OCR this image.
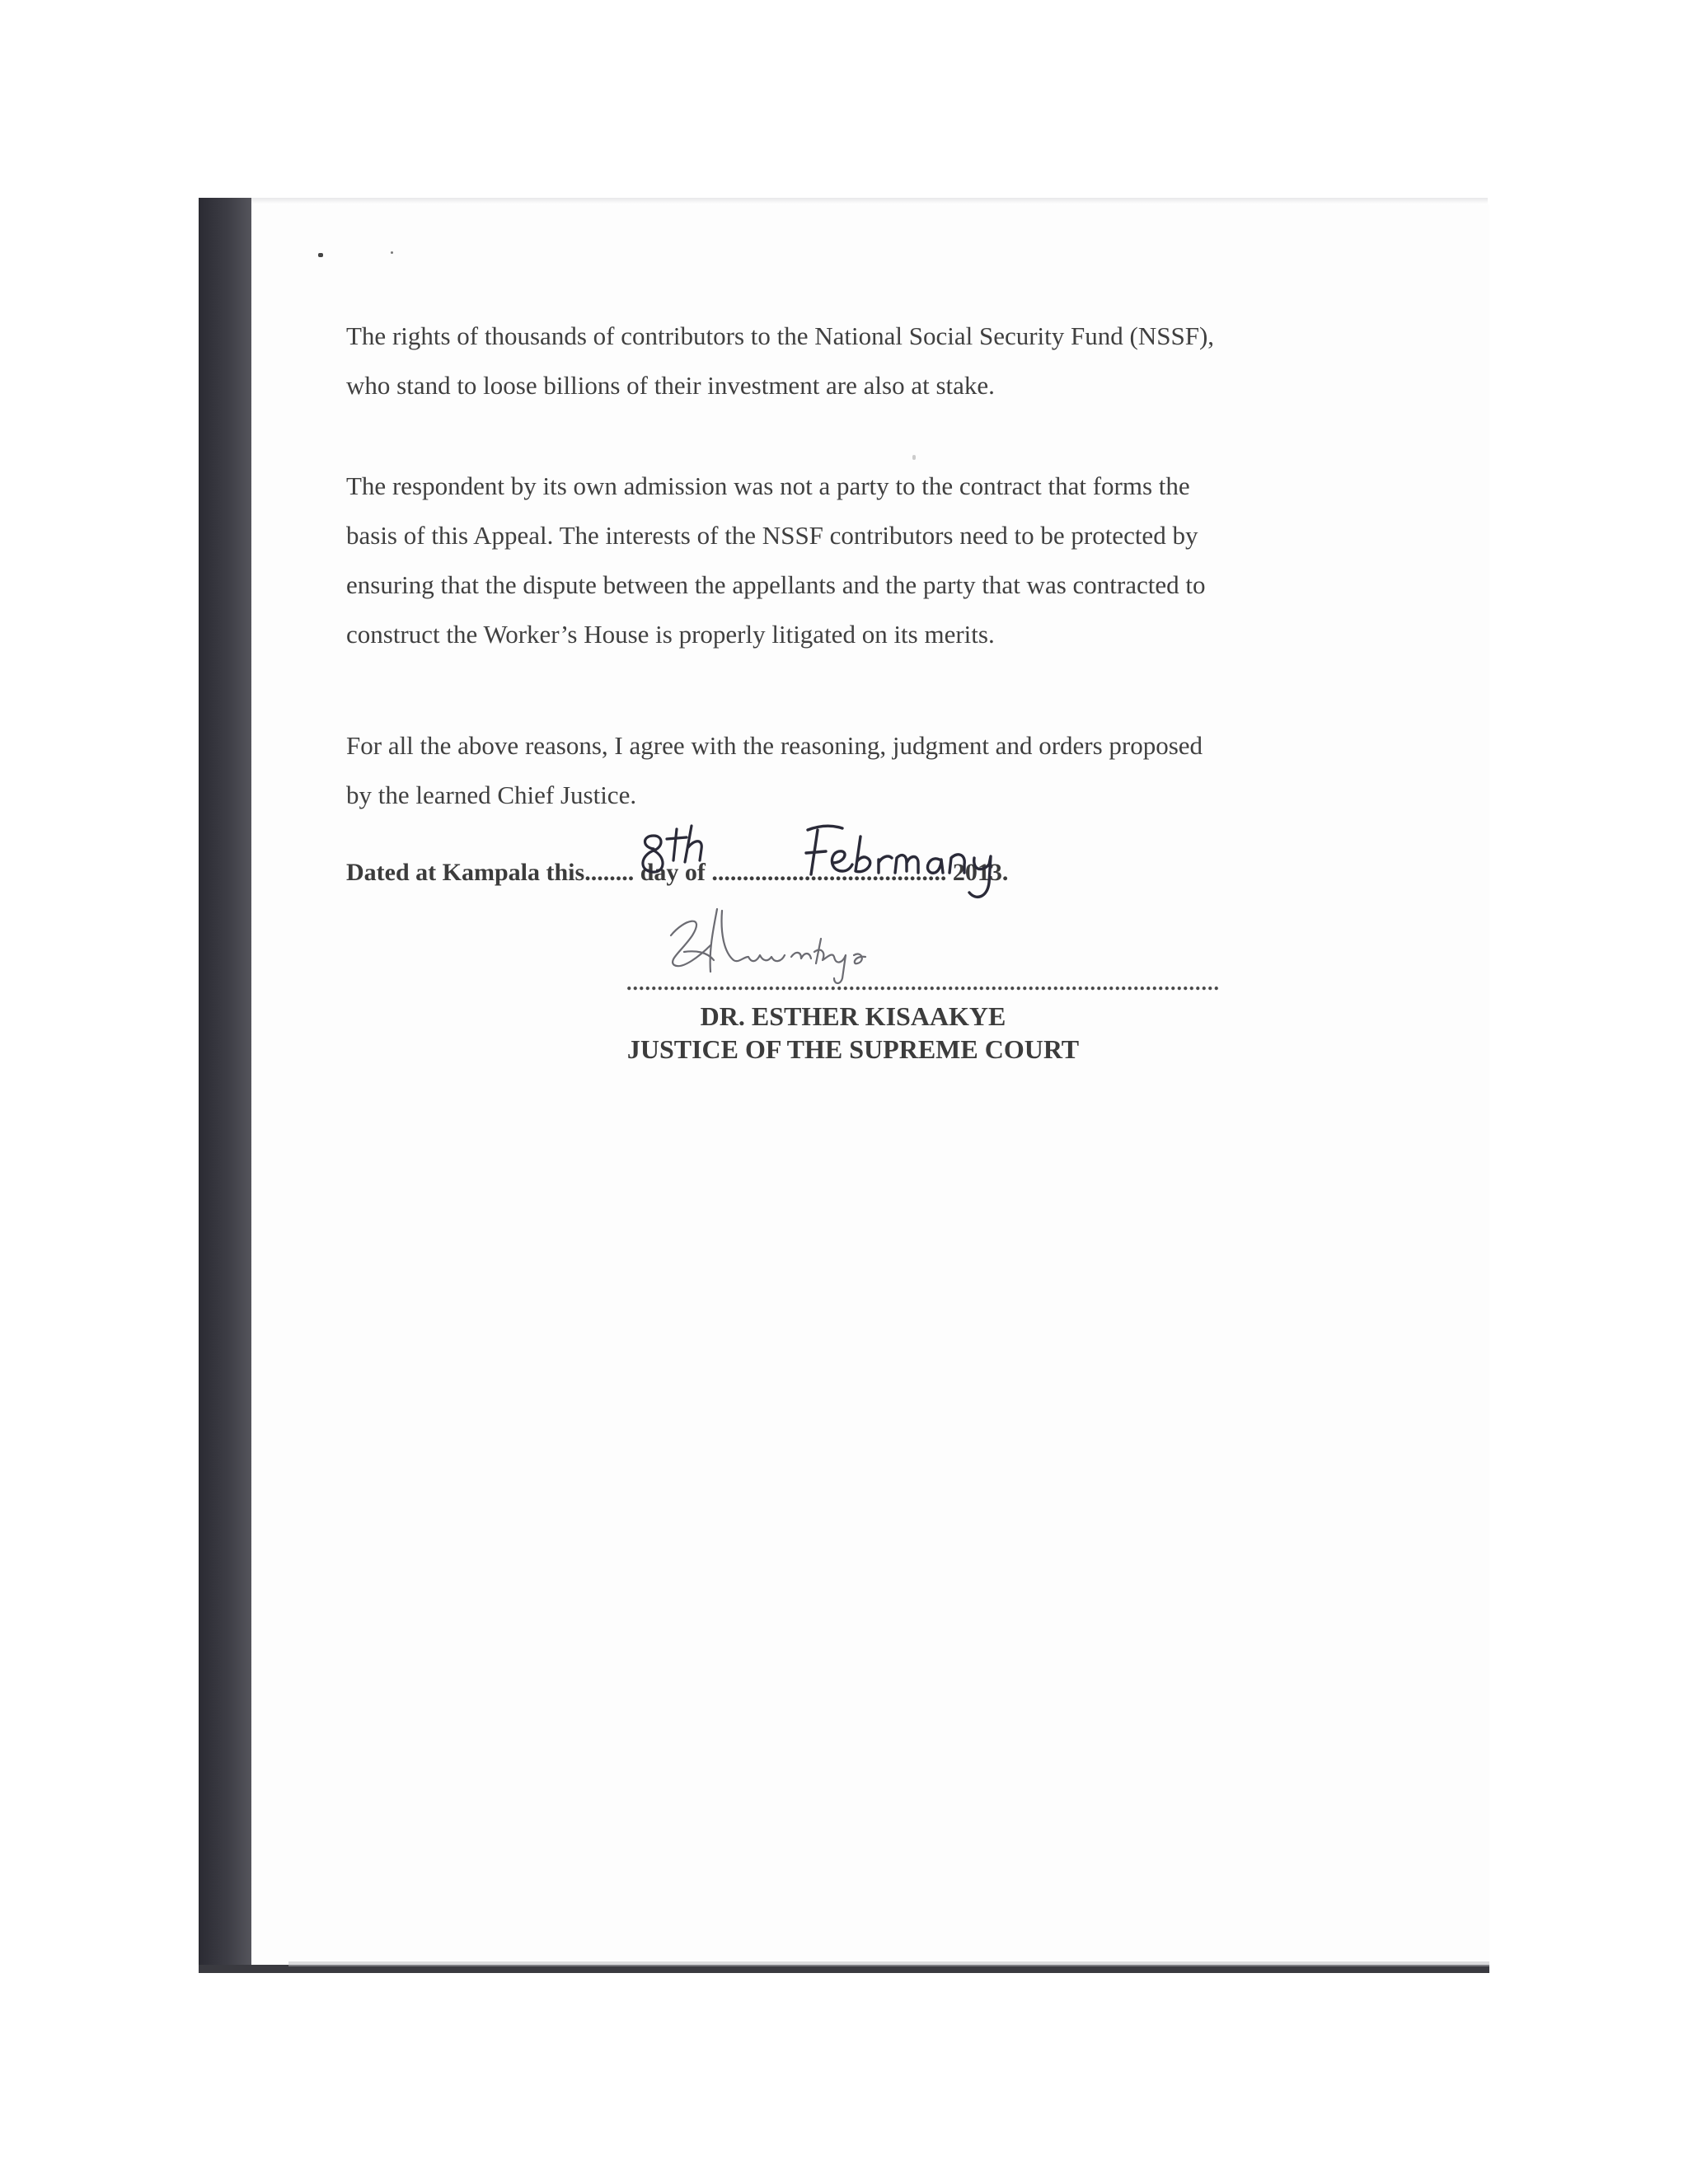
The rights of thousands of contributors to the National Social Security Fund (NSSF),
who stand to loose billions of their investment are also at stake.

The respondent by its own admission was not a party to the contract that forms the
basis of this Appeal. The interests of the NSSF contributors need to be protected by
ensuring that the dispute between the appellants and the party that was contracted to
construct the Worker’s House is properly litigated on its merits.

For all the above reasons, I agree with the reasoning, judgment and orders proposed
by the learned Chief Justice.

Dated at Kampala this........ day of ...................................... 2013.
................................................................................................
DR. ESTHER KISAAKYE
JUSTICE OF THE SUPREME COURT
